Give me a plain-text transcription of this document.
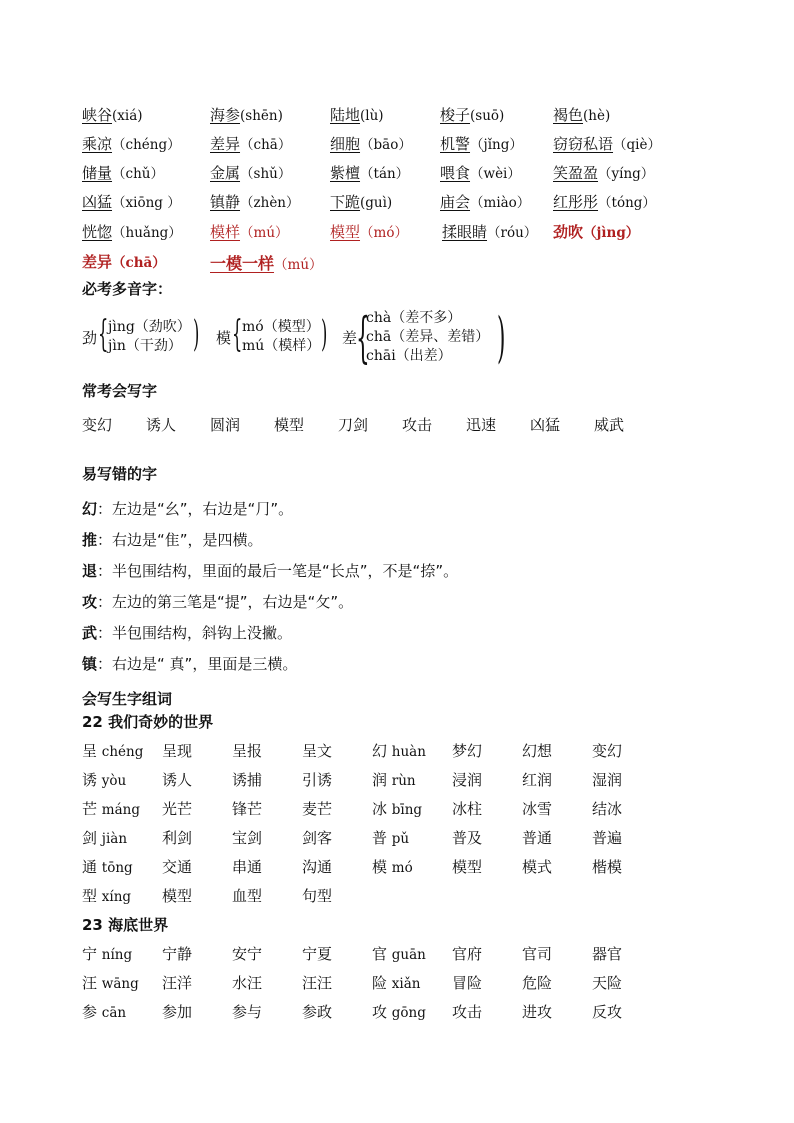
峡谷(xiá)	海参(shēn)	陆地(lù)	梭子(suō)	褐色(hè)
乘凉（chéng） 差异（chā）	细胞（bāo） 机警（jǐng） 窃窃私语（qiè）
储量（chǔ）	金属（shǔ）	紫檀（tán） 喂食（wèi） 笑盈盈（yíng）
凶猛（xiōng ） 镇静（zhèn） 下跪(guì)	庙会（miào） 红彤彤（tóng）
恍惚（huǎng） 模样（mú）	模型（mó） 揉眼睛（róu） 劲吹（jìng）
差异（chā）	一模一样（mú）
必考多音字：
劲 { jìng（劲吹）
jìn（干劲） ) 模 { mó（模型）
mú（模样） ) 差
{
chà（差不多）
chā（差异、差错）
chāi（出差） )
常考会写字
变幻 诱人 圆润 模型 刀剑 攻击 迅速 凶猛 威武
易写错的字
幻：左边是“幺”，右边是“⺆”。
推：右边是“隹”，是四横。
退：半包围结构，里面的最后一笔是“长点”，不是“捺”。
攻：左边的第三笔是“提”，右边是“攵”。
武：半包围结构，斜钩上没撇。
镇：右边是“ 真”，里面是三横。
会写生字组词
22 我们奇妙的世界
呈 chéng 呈现	呈报	呈文	幻 huàn 梦幻	幻想	变幻
诱 yòu 诱人	诱捕	引诱	润 rùn 浸润	红润	湿润
芒 máng 光芒	锋芒	麦芒	冰 bīng 冰柱	冰雪	结冰
剑 jiàn 利剑	宝剑	剑客	普 pǔ	普及	普通	普遍
通 tōng 交通	串通	沟通	模 mó	模型	模式	楷模
型 xíng 模型	血型	句型
23 海底世界
宁 níng 宁静	安宁	宁夏	官 guān 官府	官司	器官
汪 wāng 汪洋	水汪	汪汪	险 xiǎn 冒险	危险	天险
参 cān 参加	参与	参政	攻 gōng 攻击	进攻	反攻
